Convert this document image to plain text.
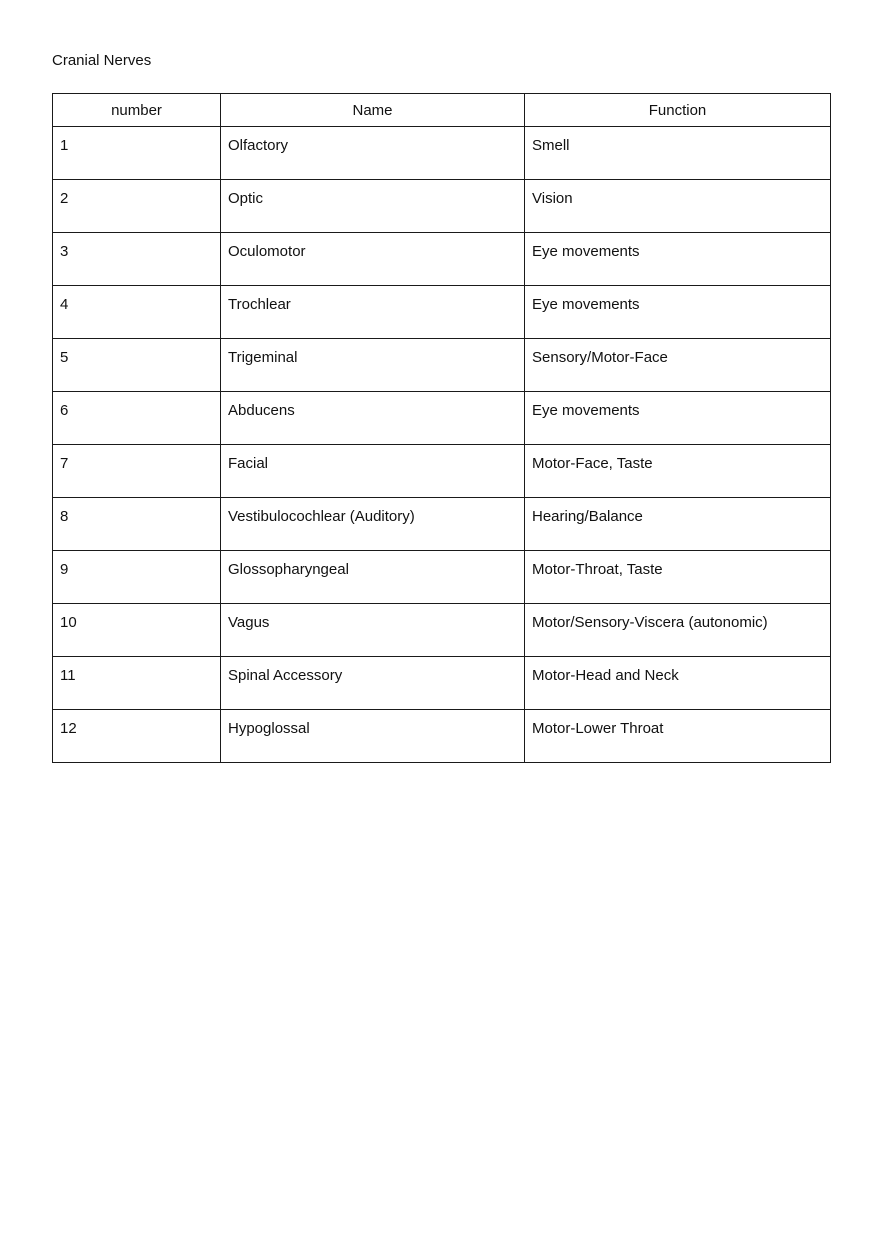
Cranial Nerves
number	Name	Function
1	Olfactory	Smell
2	Optic	Vision
3	Oculomotor	Eye movements
4	Trochlear	Eye movements
5	Trigeminal	Sensory/Motor-Face
6	Abducens	Eye movements
7	Facial	Motor-Face, Taste
8	Vestibulocochlear (Auditory)	Hearing/Balance
9	Glossopharyngeal	Motor-Throat, Taste
10	Vagus	Motor/Sensory-Viscera (autonomic)
11	Spinal Accessory	Motor-Head and Neck
12	Hypoglossal	Motor-Lower Throat
